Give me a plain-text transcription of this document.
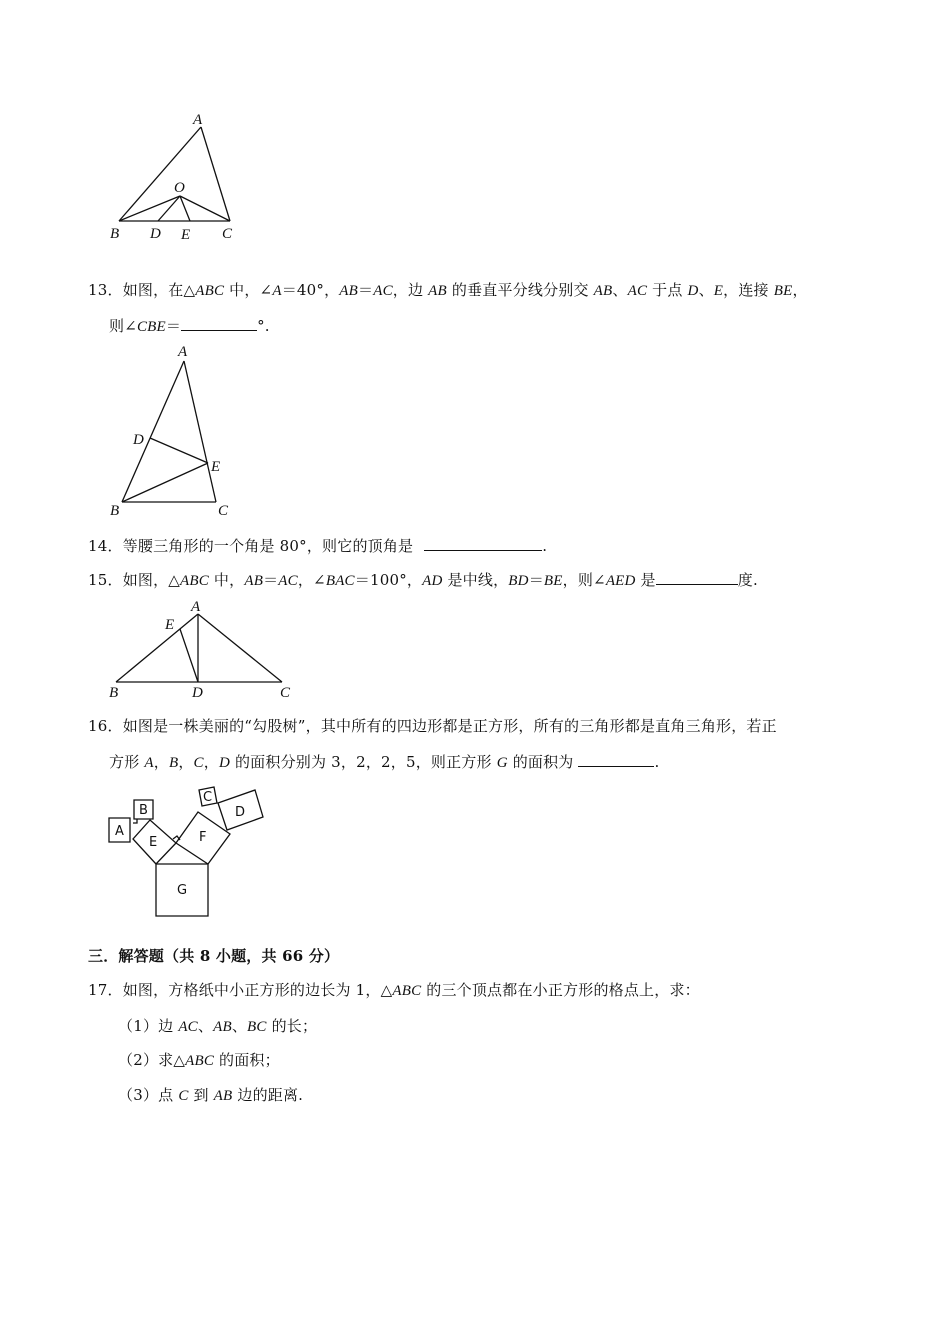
A
O
B D E C
13．如图，在△ABC 中，∠A＝40°，AB＝AC，边 AB 的垂直平分线分别交 AB、AC 于点 D、E，连接 BE，
则∠CBE＝	°.
A
D
E
B	C
14．等腰三角形的一个角是 80°，则它的顶角是	.
15．如图，△ABC 中，AB＝AC，∠BAC＝100°，AD 是中线，BD＝BE，则∠AED 是	度.
A
E
B	D	C
16．如图是一株美丽的“勾股树”，其中所有的四边形都是正方形，所有的三角形都是直角三角形，若正
方形 A，B，C，D 的面积分别为 3，2，2，5，则正方形 G 的面积为	.
A
B
C
D
E	F
G
三．解答题（共 8 小题，共 66 分）
17．如图，方格纸中小正方形的边长为 1，△ABC 的三个顶点都在小正方形的格点上，求：
（1）边 AC、AB、BC 的长；
（2）求△ABC 的面积；
（3）点 C 到 AB 边的距离.
